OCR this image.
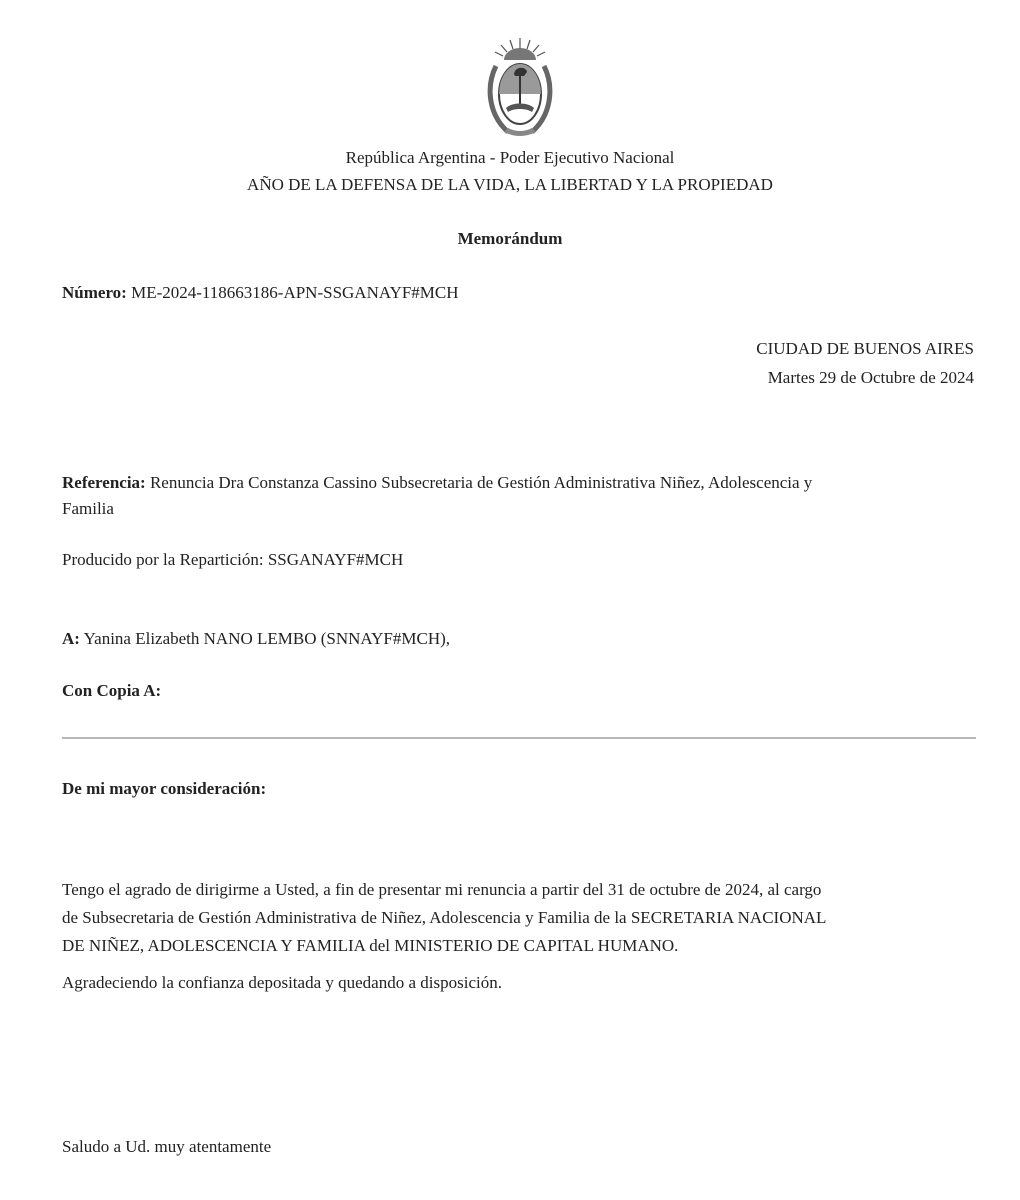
República Argentina - Poder Ejecutivo Nacional
AÑO DE LA DEFENSA DE LA VIDA, LA LIBERTAD Y LA PROPIEDAD
Memorándum
Número: ME-2024-118663186-APN-SSGANAYF#MCH
CIUDAD DE BUENOS AIRES
Martes 29 de Octubre de 2024
Referencia: Renuncia Dra Constanza Cassino Subsecretaria de Gestión Administrativa Niñez, Adolescencia y
Familia
Producido por la Repartición: SSGANAYF#MCH
A: Yanina Elizabeth NANO LEMBO (SNNAYF#MCH),
Con Copia A:
De mi mayor consideración:
Tengo el agrado de dirigirme a Usted, a fin de presentar mi renuncia a partir del 31 de octubre de 2024, al cargo
de Subsecretaria de Gestión Administrativa de Niñez, Adolescencia y Familia de la SECRETARIA NACIONAL
DE NIÑEZ, ADOLESCENCIA Y FAMILIA del MINISTERIO DE CAPITAL HUMANO.
Agradeciendo la confianza depositada y quedando a disposición.
Saludo a Ud. muy atentamente
